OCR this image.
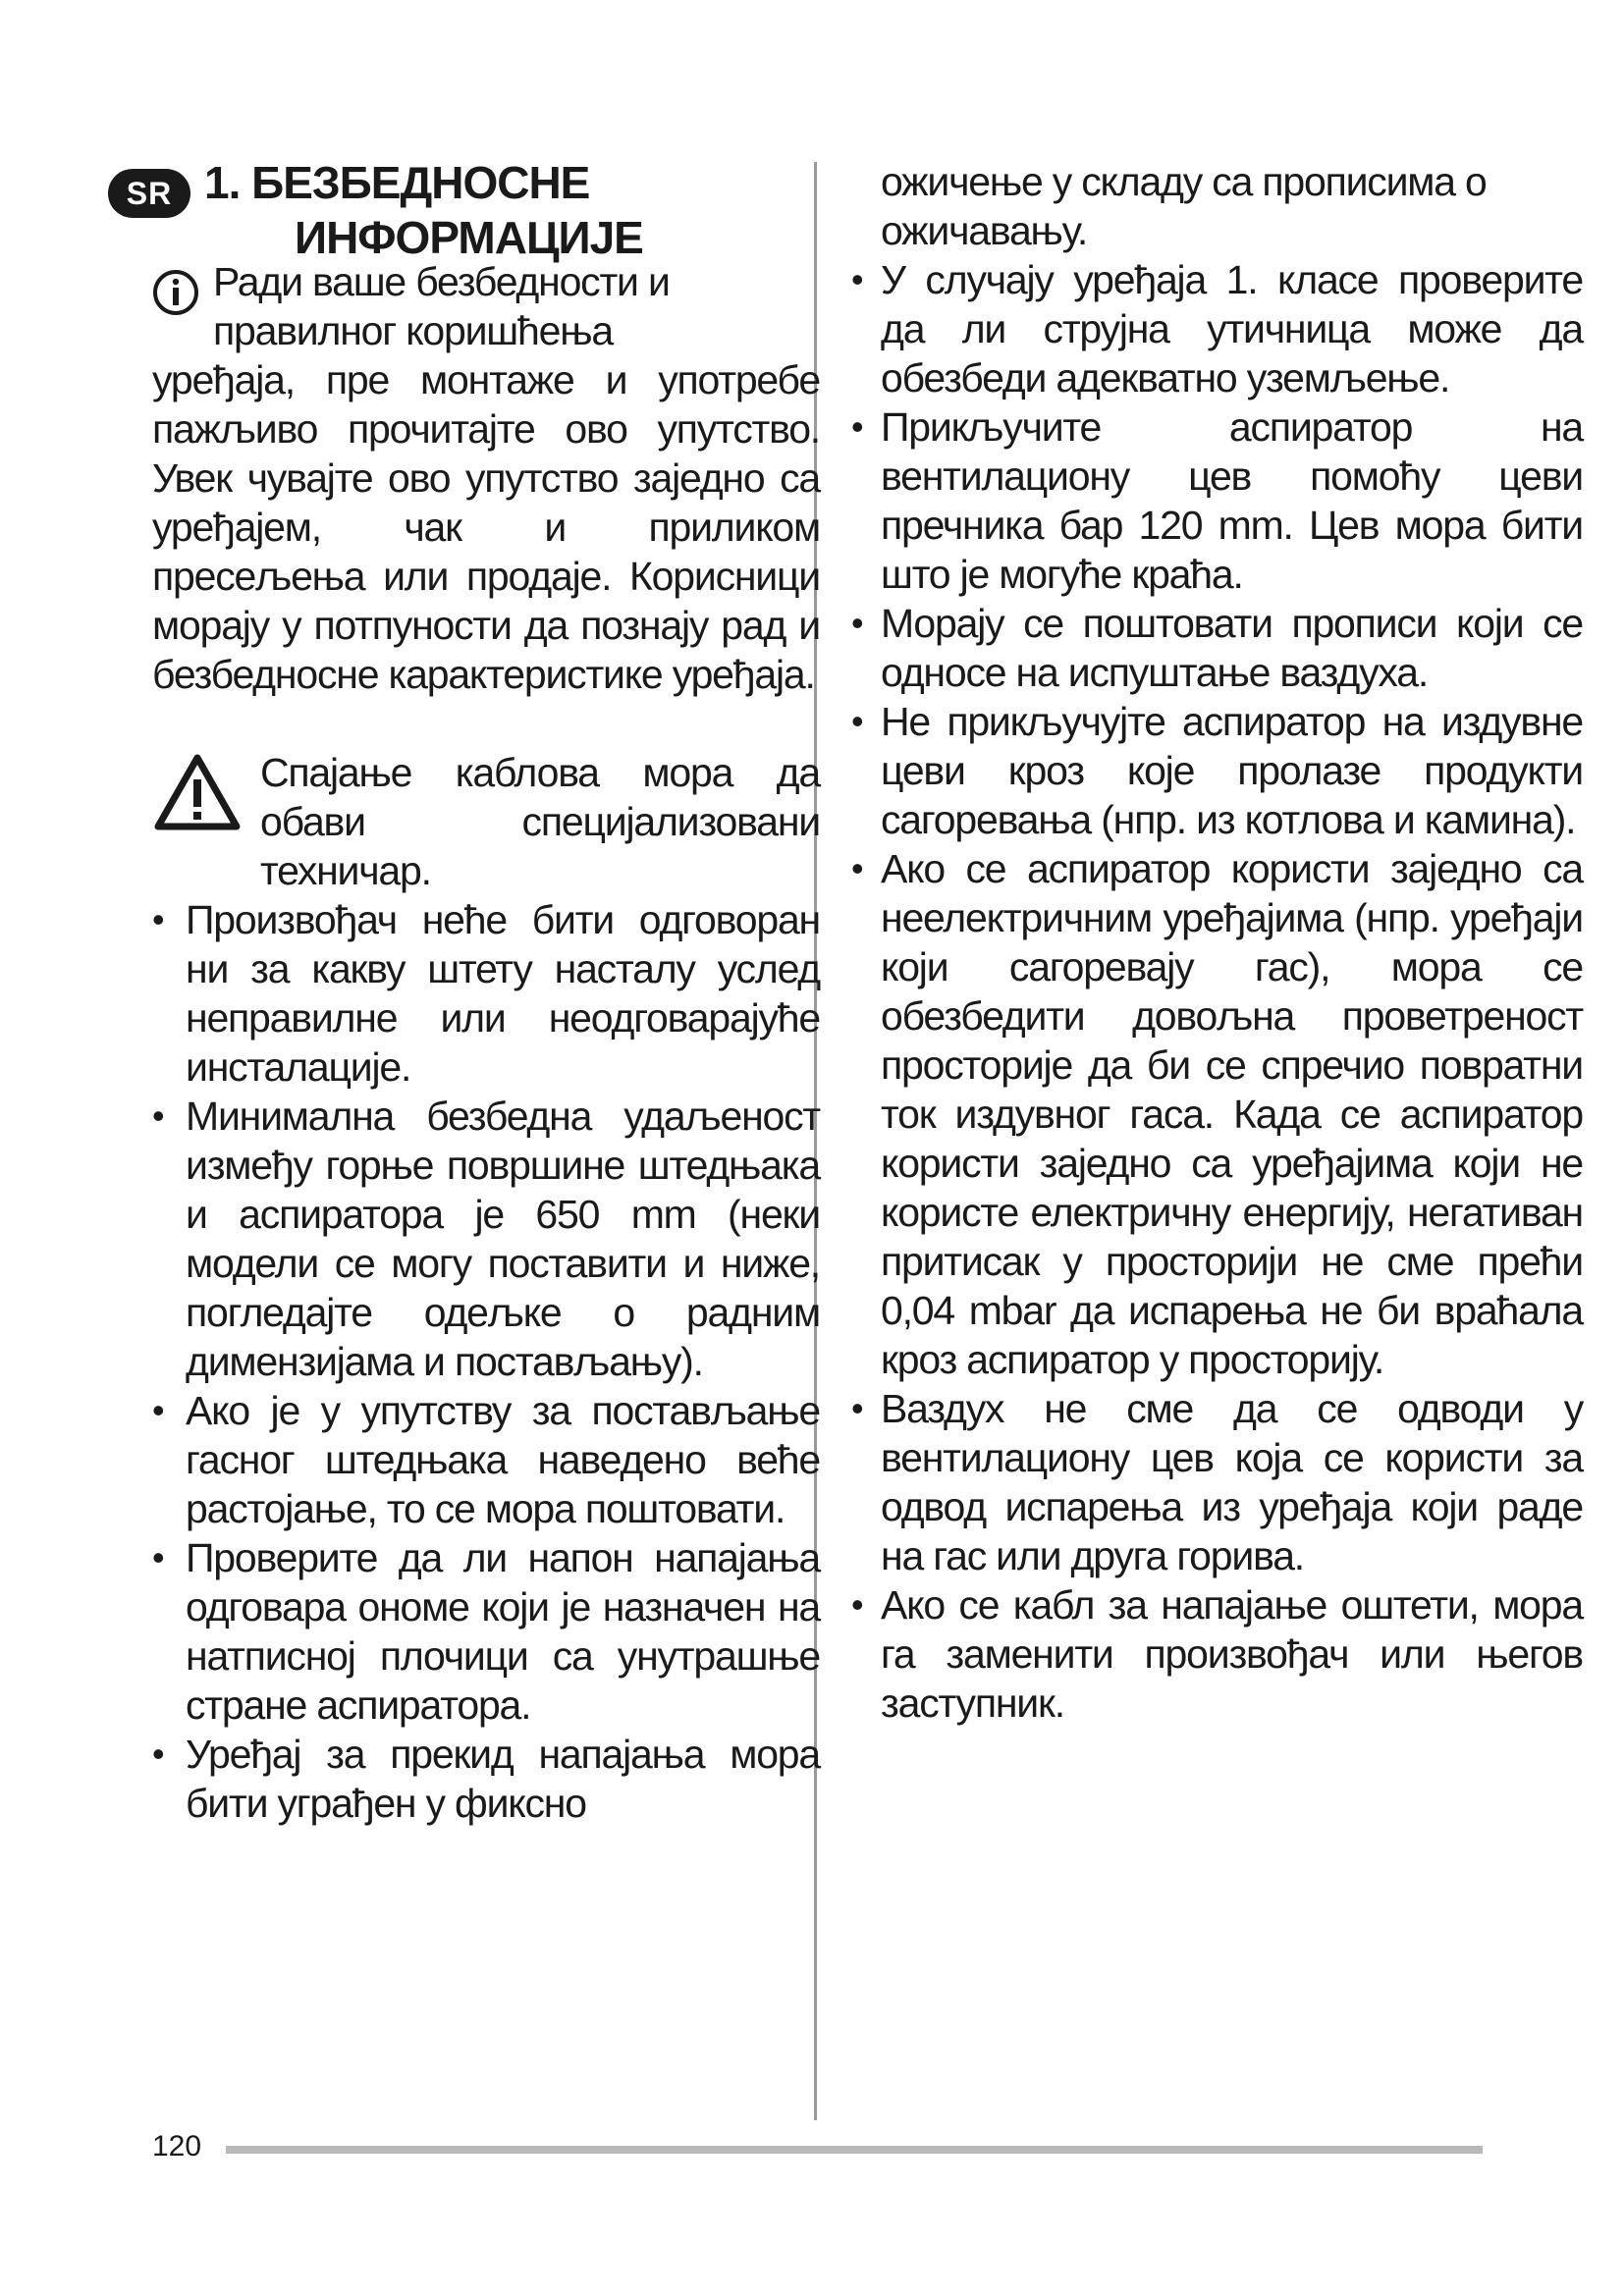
SR 1. БЕЗБЕДНОСНЕ
ИНФОРМАЦИЈЕ
Ради ваше безбедности и
правилног коришћења
уређаја, пре монтаже и употребе пажљиво прочитајте ово упутство. Увек чувајте ово упутство заједно са уређајем, чак и приликом пресељења или продаје. Корисници морају у потпуности да познају рад и безбедносне карактеристике уређаја.
Спајање каблова мора да обави специјализовани техничар.
• Произвођач неће бити одговоран ни за какву штету насталу услед неправилне или неодговарајуће инсталације.
• Минимална безбедна удаљеност између горње површине штедњака и аспиратора је 650 mm (неки модели се могу поставити и ниже, погледајте одељке о радним димензијама и постављању).
• Ако је у упутству за постављање гасног штедњака наведено веће растојање, то се мора поштовати.
• Проверите да ли напон напајања одговара ономе који је назначен на натписној плочици са унутрашње стране аспиратора.
• Уређај за прекид напајања мора бити уграђен у фиксно
ожичење у складу са прописима о ожичавању.
• У случају уређаја 1. класе проверите да ли струјна утичница може да обезбеди адекватно уземљење.
• Прикључите аспиратор на вентилациону цев помоћу цеви пречника бар 120 mm. Цев мора бити што је могуће краћа.
• Морају се поштовати прописи који се односе на испуштање ваздуха.
• Не прикључујте аспиратор на издувне цеви кроз које пролазе продукти сагоревања (нпр. из котлова и камина).
• Ако се аспиратор користи заједно са неелектричним уређајима (нпр. уређаји који сагоревају гас), мора се обезбедити довољна проветреност просторије да би се спречио повратни ток издувног гаса. Када се аспиратор користи заједно са уређајима који не користе електричну енергију, негативан притисак у просторији не сме прећи 0,04 mbar да испарења не би враћала кроз аспиратор у просторију.
• Ваздух не сме да се одводи у вентилациону цев која се користи за одвод испарења из уређаја који раде на гас или друга горива.
• Ако се кабл за напајање оштети, мора га заменити произвођач или његов заступник.
120
